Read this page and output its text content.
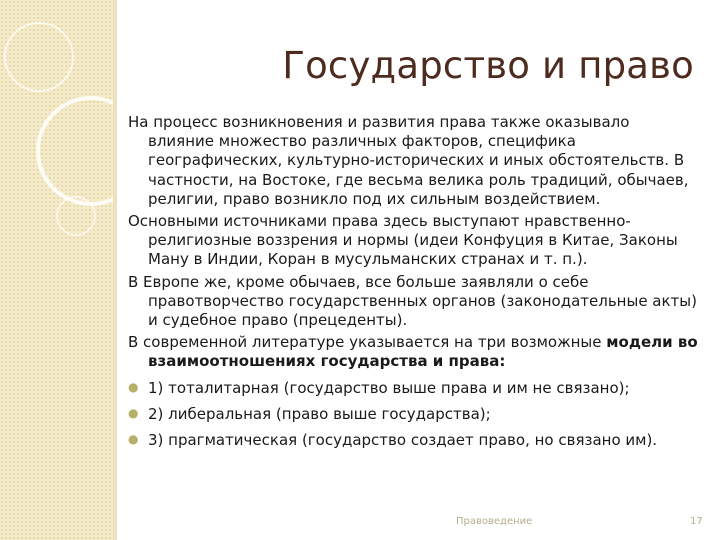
Государство и право

На процесс возникновения и развития права также оказывало влияние множество различных факторов, специфика географических, культурно-исторических и иных обстоятельств. В частности, на Востоке, где весьма велика роль традиций, обычаев, религии, право возникло под их сильным воздействием.

Основными источниками права здесь выступают нравственно-религиозные воззрения и нормы (идеи Конфуция в Китае, Законы Ману в Индии, Коран в мусульманских странах и т. п.).

В Европе же, кроме обычаев, все больше заявляли о себе правотворчество государственных органов (законодательные акты) и судебное право (прецеденты).

В современной литературе указывается на три возможные модели во взаимоотношениях государства и права:

● 1) тоталитарная (государство выше права и им не связано);
● 2) либеральная (право выше государства);
● 3) прагматическая (государство создает право, но связано им).
Правоведение	17
